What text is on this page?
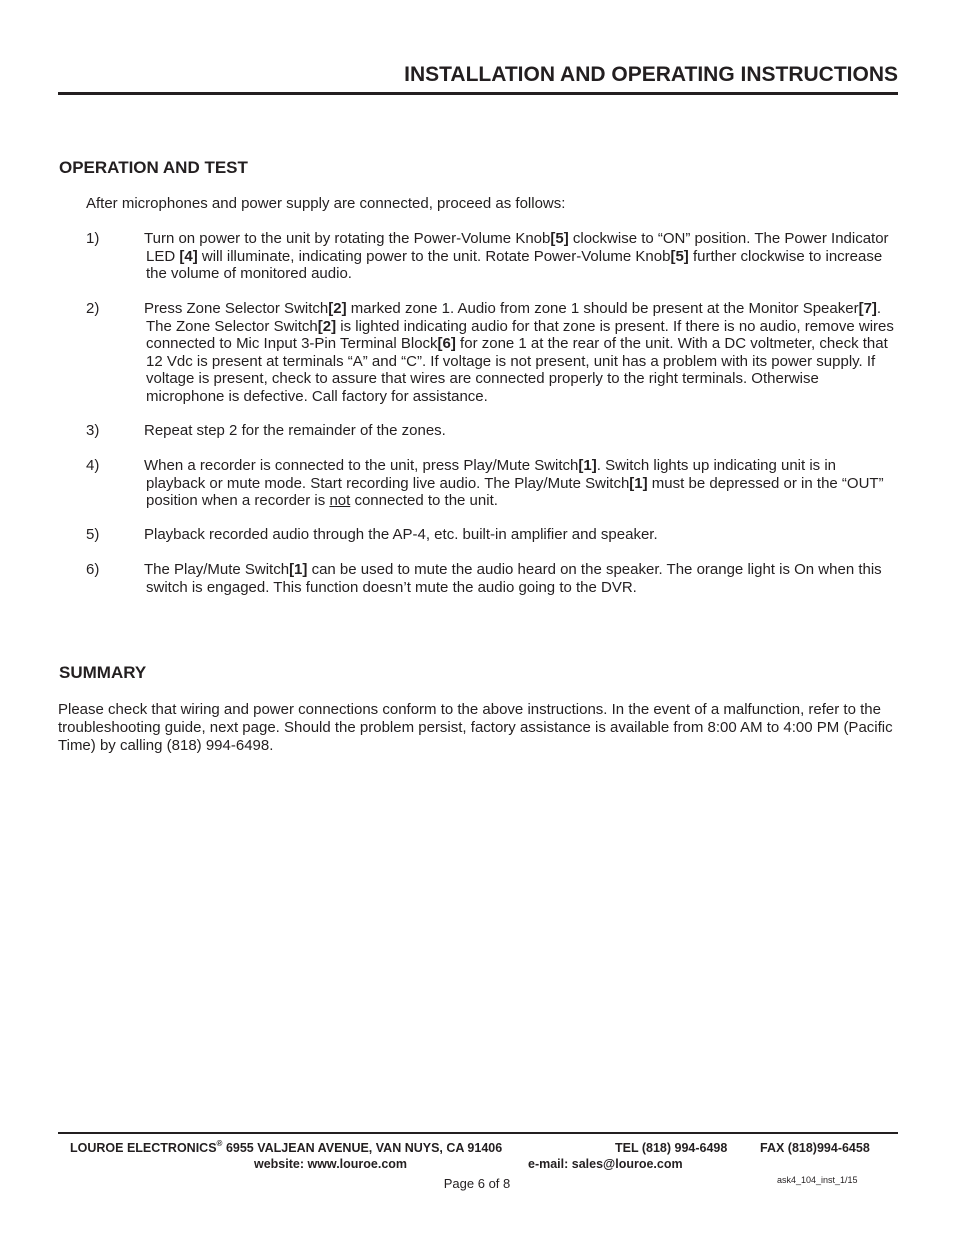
INSTALLATION AND OPERATING INSTRUCTIONS
OPERATION AND TEST
After microphones and power supply are connected, proceed as follows:
1)	Turn on power to the unit by rotating the Power-Volume Knob[5] clockwise to “ON” position. The Power Indicator LED [4] will illuminate, indicating power to the unit. Rotate Power-Volume Knob[5] further clockwise to increase the volume of monitored audio.
2)	Press Zone Selector Switch[2] marked zone 1. Audio from zone 1 should be present at the Monitor Speaker[7]. The Zone Selector Switch[2] is lighted indicating audio for that zone is present. If there is no audio, remove wires connected to Mic Input 3-Pin Terminal Block[6] for zone 1 at the rear of the unit. With a DC voltmeter, check that 12 Vdc is present at terminals “A” and “C”. If voltage is not present, unit has a problem with its power supply. If voltage is present, check to assure that wires are connected properly to the right terminals. Otherwise microphone is defective. Call factory for assistance.
3)	Repeat step 2 for the remainder of the zones.
4)	When a recorder is connected to the unit, press Play/Mute Switch[1]. Switch lights up indicating unit is in playback or mute mode. Start recording live audio. The Play/Mute Switch[1] must be depressed or in the “OUT” position when a recorder is not connected to the unit.
5)	Playback recorded audio through the AP-4, etc. built-in amplifier and speaker.
6)	The Play/Mute Switch[1] can be used to mute the audio heard on the speaker. The orange light is On when this switch is engaged. This function doesn’t mute the audio going to the DVR.
SUMMARY
Please check that wiring and power connections conform to the above instructions. In the event of a malfunction, refer to the troubleshooting guide, next page. Should the problem persist, factory assistance is available from 8:00 AM to 4:00 PM (Pacific Time) by calling (818) 994-6498.
LOUROE ELECTRONICS® 6955 VALJEAN AVENUE, VAN NUYS, CA 91406	TEL (818) 994-6498	FAX (818)994-6458
website: www.louroe.com	e-mail: sales@louroe.com
Page 6 of 8	ask4_104_inst_1/15
